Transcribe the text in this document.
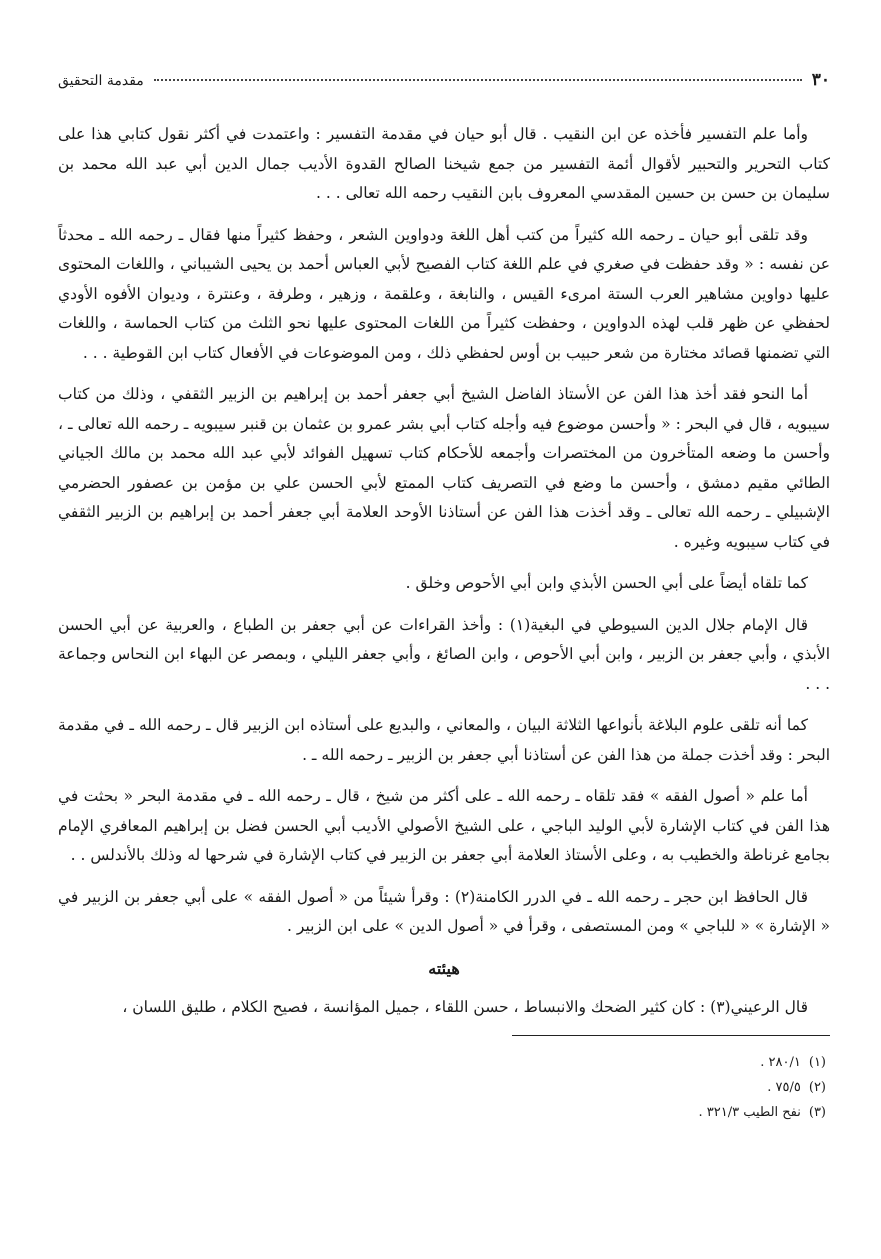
٣٠
مقدمة التحقيق

وأما علم التفسير فأخذه عن ابن النقيب . قال أبو حيان في مقدمة التفسير : واعتمدت في أكثر نقول كتابي هذا على كتاب التحرير والتحبير لأقوال أئمة التفسير من جمع شيخنا الصالح القدوة الأديب جمال الدين أبي عبد الله محمد بن سليمان بن حسن بن حسين المقدسي المعروف بابن النقيب رحمه الله تعالى . . .

وقد تلقى أبو حيان ـ رحمه الله كثيراً من كتب أهل اللغة ودواوين الشعر ، وحفظ كثيراً منها فقال ـ رحمه الله ـ محدثاً عن نفسه : « وقد حفظت في صغري في علم اللغة كتاب الفصيح لأبي العباس أحمد بن يحيى الشيباني ، واللغات المحتوى عليها دواوين مشاهير العرب الستة امرىء القيس ، والنابغة ، وعلقمة ، وزهير ، وطرفة ، وعنترة ، وديوان الأفوه الأودي لحفظي عن ظهر قلب لهذه الدواوين ، وحفظت كثيراً من اللغات المحتوى عليها نحو الثلث من كتاب الحماسة ، واللغات التي تضمنها قصائد مختارة من شعر حبيب بن أوس لحفظي ذلك ، ومن الموضوعات في الأفعال كتاب ابن القوطية . . .

أما النحو فقد أخذ هذا الفن عن الأستاذ الفاضل الشيخ أبي جعفر أحمد بن إبراهيم بن الزبير الثقفي ، وذلك من كتاب سيبويه ، قال في البحر : « وأحسن موضوع فيه وأجله كتاب أبي بشر عمرو بن عثمان بن قنبر سيبويه ـ رحمه الله تعالى ـ ، وأحسن ما وضعه المتأخرون من المختصرات وأجمعه للأحكام كتاب تسهيل الفوائد لأبي عبد الله محمد بن مالك الجياني الطائي مقيم دمشق ، وأحسن ما وضع في التصريف كتاب الممتع لأبي الحسن علي بن مؤمن بن عصفور الحضرمي الإشبيلي ـ رحمه الله تعالى ـ وقد أخذت هذا الفن عن أستاذنا الأوحد العلامة أبي جعفر أحمد بن إبراهيم بن الزبير الثقفي في كتاب سيبويه وغيره .

كما تلقاه أيضاً على أبي الحسن الأبذي وابن أبي الأحوص وخلق .

قال الإمام جلال الدين السيوطي في البغية(١) : وأخذ القراءات عن أبي جعفر بن الطباع ، والعربية عن أبي الحسن الأبذي ، وأبي جعفر بن الزبير ، وابن أبي الأحوص ، وابن الصائغ ، وأبي جعفر الليلي ، وبمصر عن البهاء ابن النحاس وجماعة . . .

كما أنه تلقى علوم البلاغة بأنواعها الثلاثة البيان ، والمعاني ، والبديع على أستاذه ابن الزبير قال ـ رحمه الله ـ في مقدمة البحر : وقد أخذت جملة من هذا الفن عن أستاذنا أبي جعفر بن الزبير ـ رحمه الله ـ .

أما علم « أصول الفقه » فقد تلقاه ـ رحمه الله ـ على أكثر من شيخ ، قال ـ رحمه الله ـ في مقدمة البحر « بحثت في هذا الفن في كتاب الإشارة لأبي الوليد الباجي ، على الشيخ الأصولي الأديب أبي الحسن فضل بن إبراهيم المعافري الإمام بجامع غرناطة والخطيب به ، وعلى الأستاذ العلامة أبي جعفر بن الزبير في كتاب الإشارة في شرحها له وذلك بالأندلس . .

قال الحافظ ابن حجر ـ رحمه الله ـ في الدرر الكامنة(٢) : وقرأ شيئاً من « أصول الفقه » على أبي جعفر بن الزبير في « الإشارة » « للباجي » ومن المستصفى ، وقرأ في « أصول الدين » على ابن الزبير .

هيئته

قال الرعيني(٣) : كان كثير الضحك والانبساط ، حسن اللقاء ، جميل المؤانسة ، فصيح الكلام ، طليق اللسان ،

(١)
٢٨٠/١ .
(٢)
٧٥/٥ .
(٣)
نفح الطيب ٣٢١/٣ .
